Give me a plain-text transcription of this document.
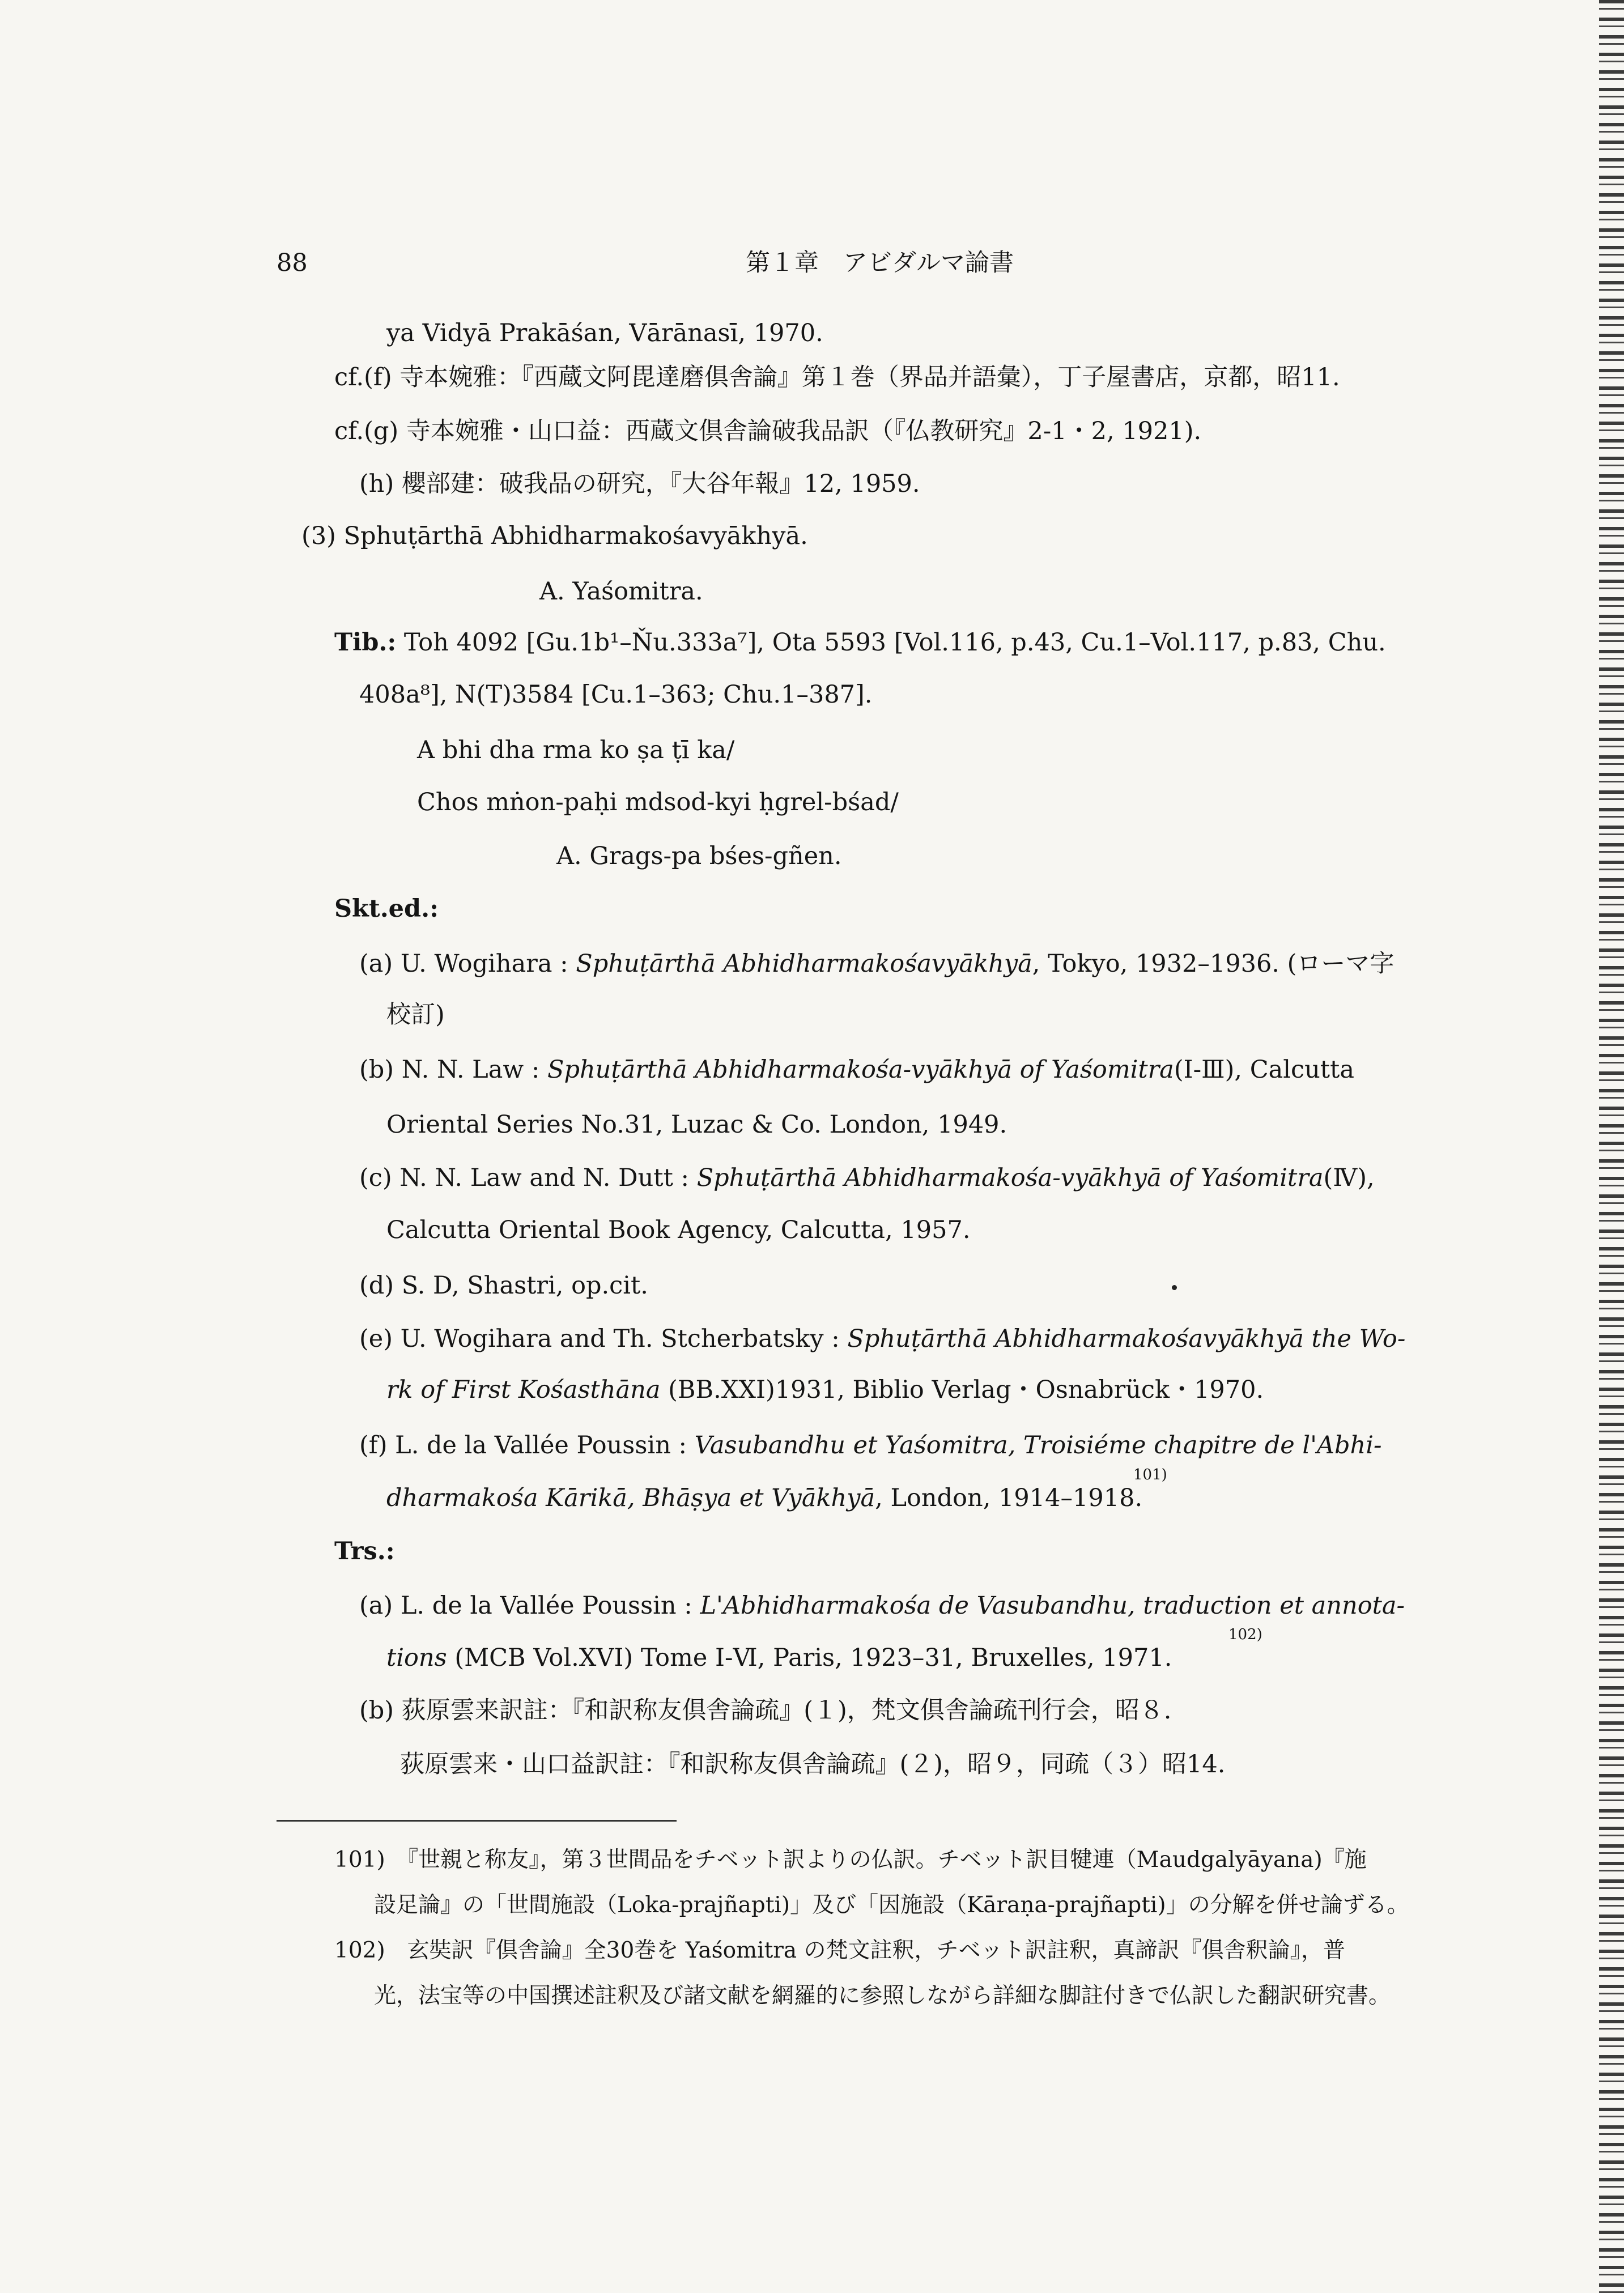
88	第１章　アビダルマ論書
ya Vidyā Prakāśan, Vārānasī, 1970.
cf.(f) 寺本婉雅：『西蔵文阿毘達磨倶舎論』第１巻（界品并語彙），丁子屋書店，京都，昭11.
cf.(g) 寺本婉雅・山口益：西蔵文倶舎論破我品訳（『仏教研究』2-1・2, 1921).
(h) 櫻部建：破我品の研究，『大谷年報』12, 1959.
(3) Sphuṭārthā Abhidharmakośavyākhyā.
A. Yaśomitra.
Tib.: Toh 4092 [Gu.1b¹–Ňu.333a⁷], Ota 5593 [Vol.116, p.43, Cu.1–Vol.117, p.83, Chu.
408a⁸], N(T)3584 [Cu.1–363; Chu.1–387].
A bhi dha rma ko ṣa ṭī ka/
Chos mṅon-paḥi mdsod-kyi ḥgrel-bśad/
A. Grags-pa bśes-gñen.
Skt.ed.:
(a) U. Wogihara : Sphuṭārthā Abhidharmakośavyākhyā, Tokyo, 1932–1936. (ローマ字
校訂)
(b) N. N. Law : Sphuṭārthā Abhidharmakośa-vyākhyā of Yaśomitra(Ⅰ-Ⅲ), Calcutta
Oriental Series No.31, Luzac & Co. London, 1949.
(c) N. N. Law and N. Dutt : Sphuṭārthā Abhidharmakośa-vyākhyā of Yaśomitra(Ⅳ),
Calcutta Oriental Book Agency, Calcutta, 1957.
(d) S. D, Shastri, op.cit.
(e) U. Wogihara and Th. Stcherbatsky : Sphuṭārthā Abhidharmakośavyākhyā the Wo-
rk of First Kośasthāna (BB.XXI)1931, Biblio Verlag・Osnabrück・1970.
(f) L. de la Vallée Poussin : Vasubandhu et Yaśomitra, Troisiéme chapitre de l'Abhi-
101)
dharmakośa Kārikā, Bhāṣya et Vyākhyā, London, 1914–1918.
Trs.:
(a) L. de la Vallée Poussin : L'Abhidharmakośa de Vasubandhu, traduction et annota-
102)
tions (MCB Vol.XVI) Tome Ⅰ-Ⅵ, Paris, 1923–31, Bruxelles, 1971.
(b) 荻原雲来訳註：『和訳称友倶舎論疏』(１)，梵文倶舎論疏刊行会，昭８.
荻原雲来・山口益訳註：『和訳称友倶舎論疏』(２)，昭９，同疏（３）昭14.
101)　『世親と称友』，第３世間品をチベット訳よりの仏訳。チベット訳目犍連（Maudgalyāyana)『施
設足論』の「世間施設（Loka-prajñapti)」及び「因施設（Kāraṇa-prajñapti)」の分解を併せ論ずる。
102)　玄奘訳『倶舎論』全30巻を Yaśomitra の梵文註釈，チベット訳註釈，真諦訳『倶舎釈論』，普
光，法宝等の中国撰述註釈及び諸文献を網羅的に参照しながら詳細な脚註付きで仏訳した翻訳研究書。
